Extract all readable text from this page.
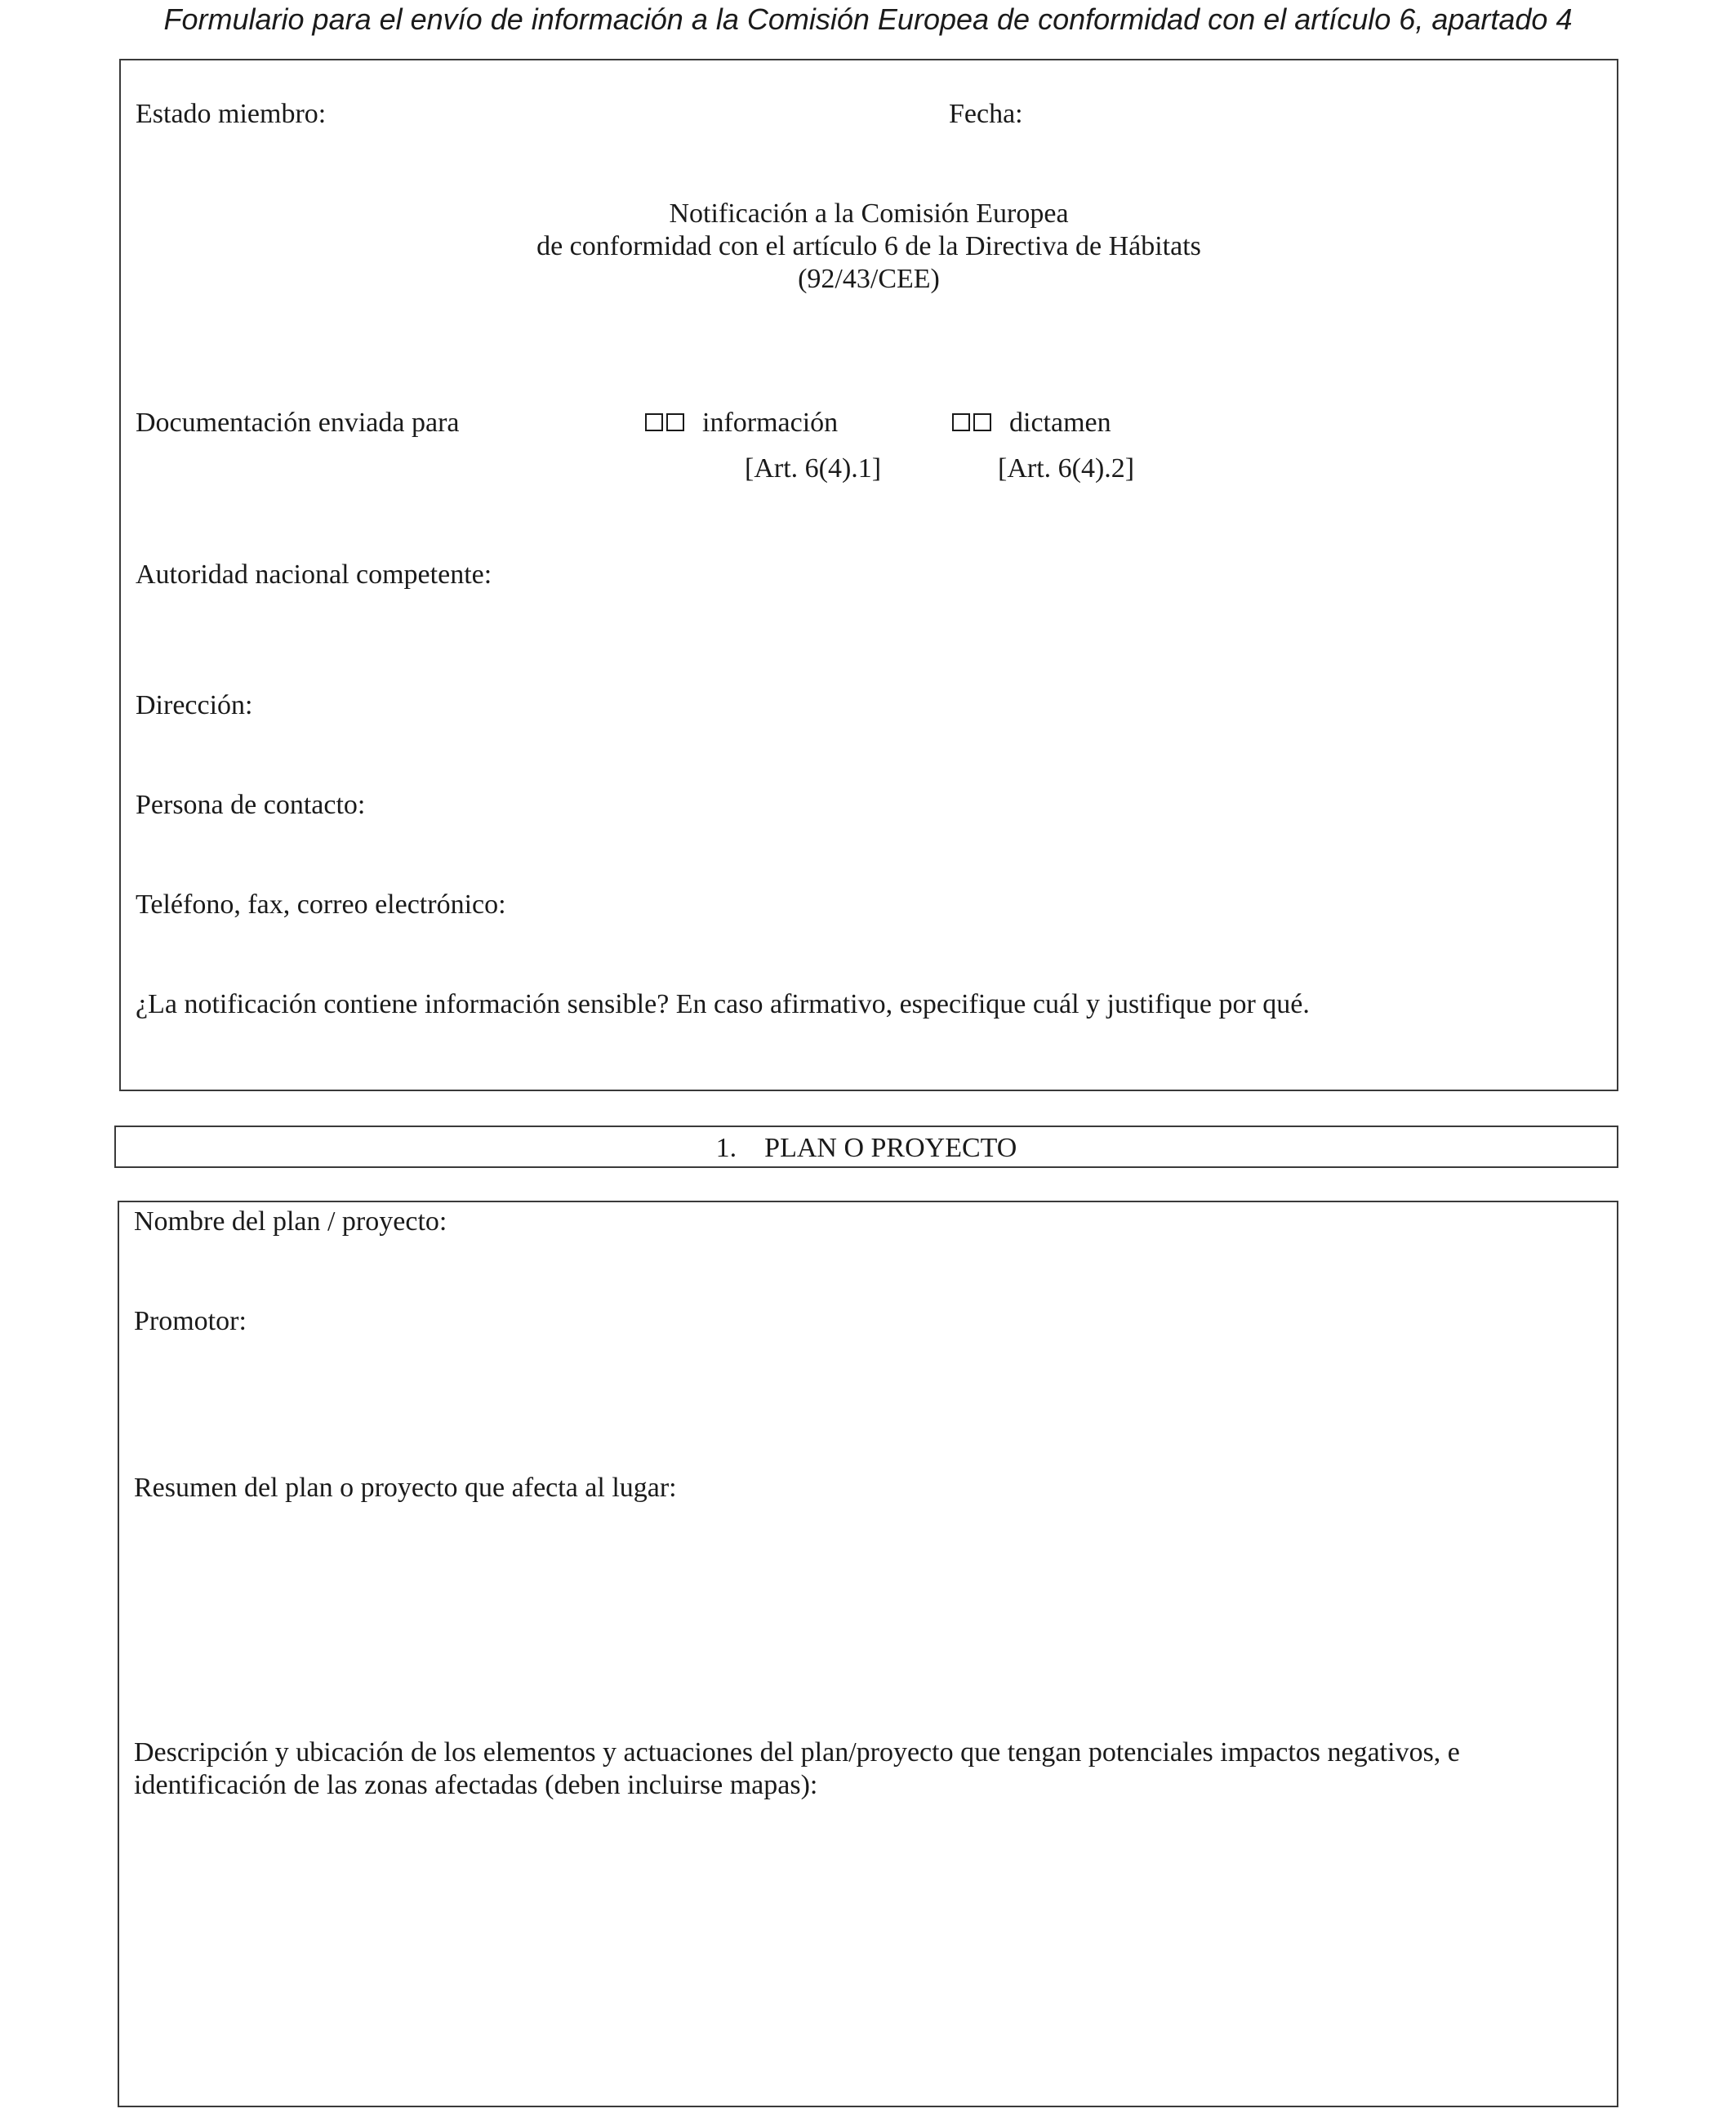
Formulario para el envío de información a la Comisión Europea de conformidad con el artículo 6, apartado 4
Estado miembro:	Fecha:
Notificación a la Comisión Europea
de conformidad con el artículo 6 de la Directiva de Hábitats
(92/43/CEE)
Documentación enviada para	información
[Art. 6(4).1]
dictamen
[Art. 6(4).2]
Autoridad nacional competente:
Dirección:
Persona de contacto:
Teléfono, fax, correo electrónico:
¿La notificación contiene información sensible? En caso afirmativo, especifique cuál y justifique por qué.
1.    PLAN O PROYECTO
Nombre del plan / proyecto:
Promotor:
Resumen del plan o proyecto que afecta al lugar:
Descripción y ubicación de los elementos y actuaciones del plan/proyecto que tengan potenciales impactos negativos, e identificación de las zonas afectadas (deben incluirse mapas):
